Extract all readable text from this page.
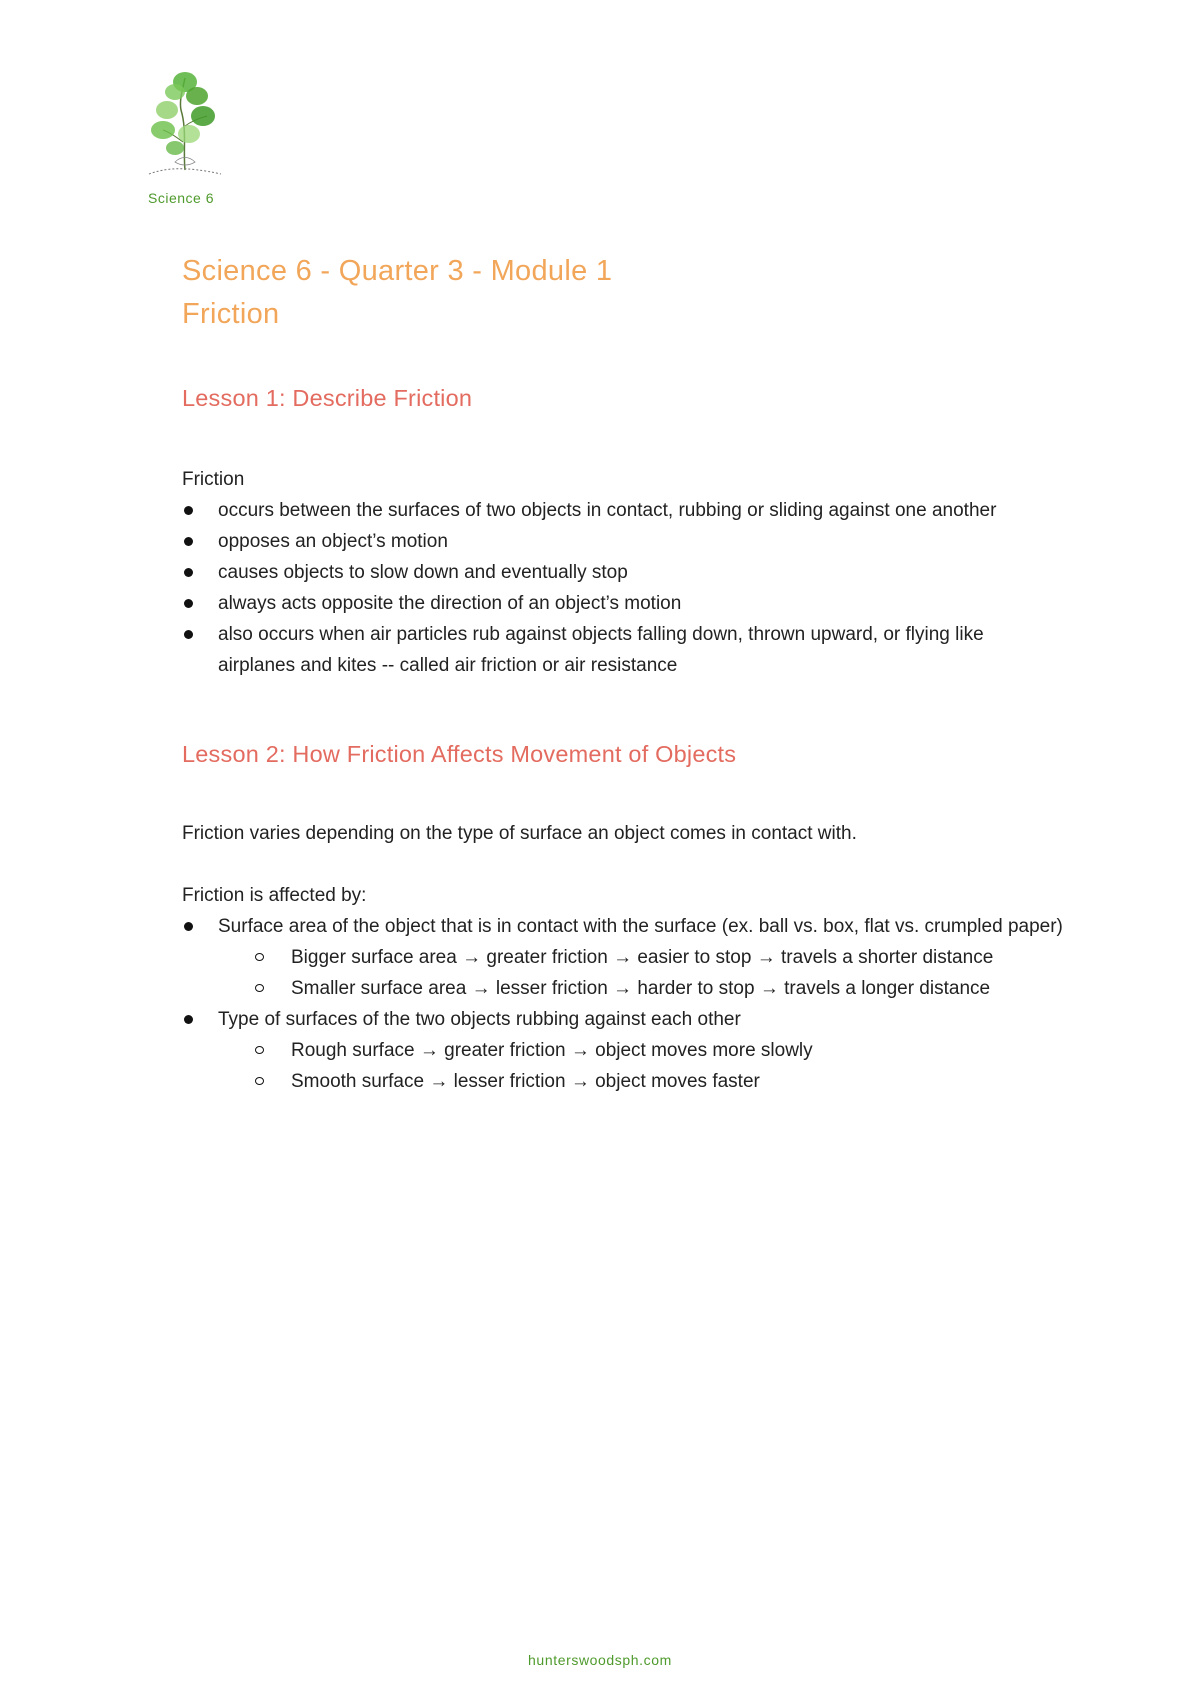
Science 6
Science 6 - Quarter 3 - Module 1
Friction
Lesson 1: Describe Friction
Friction
occurs between the surfaces of two objects in contact, rubbing or sliding against one another
opposes an object’s motion
causes objects to slow down and eventually stop
always acts opposite the direction of an object’s motion
also occurs when air particles rub against objects falling down, thrown upward, or flying like airplanes and kites -- called air friction or air resistance
Lesson 2: How Friction Affects Movement of Objects
Friction varies depending on the type of surface an object comes in contact with.
Friction is affected by:
Surface area of the object that is in contact with the surface (ex. ball vs. box, flat vs. crumpled paper)
Bigger surface area → greater friction → easier to stop → travels a shorter distance
Smaller surface area → lesser friction → harder to stop → travels a longer distance
Type of surfaces of the two objects rubbing against each other
Rough surface → greater friction → object moves more slowly
Smooth surface → lesser friction → object moves faster
hunterswoodsph.com
